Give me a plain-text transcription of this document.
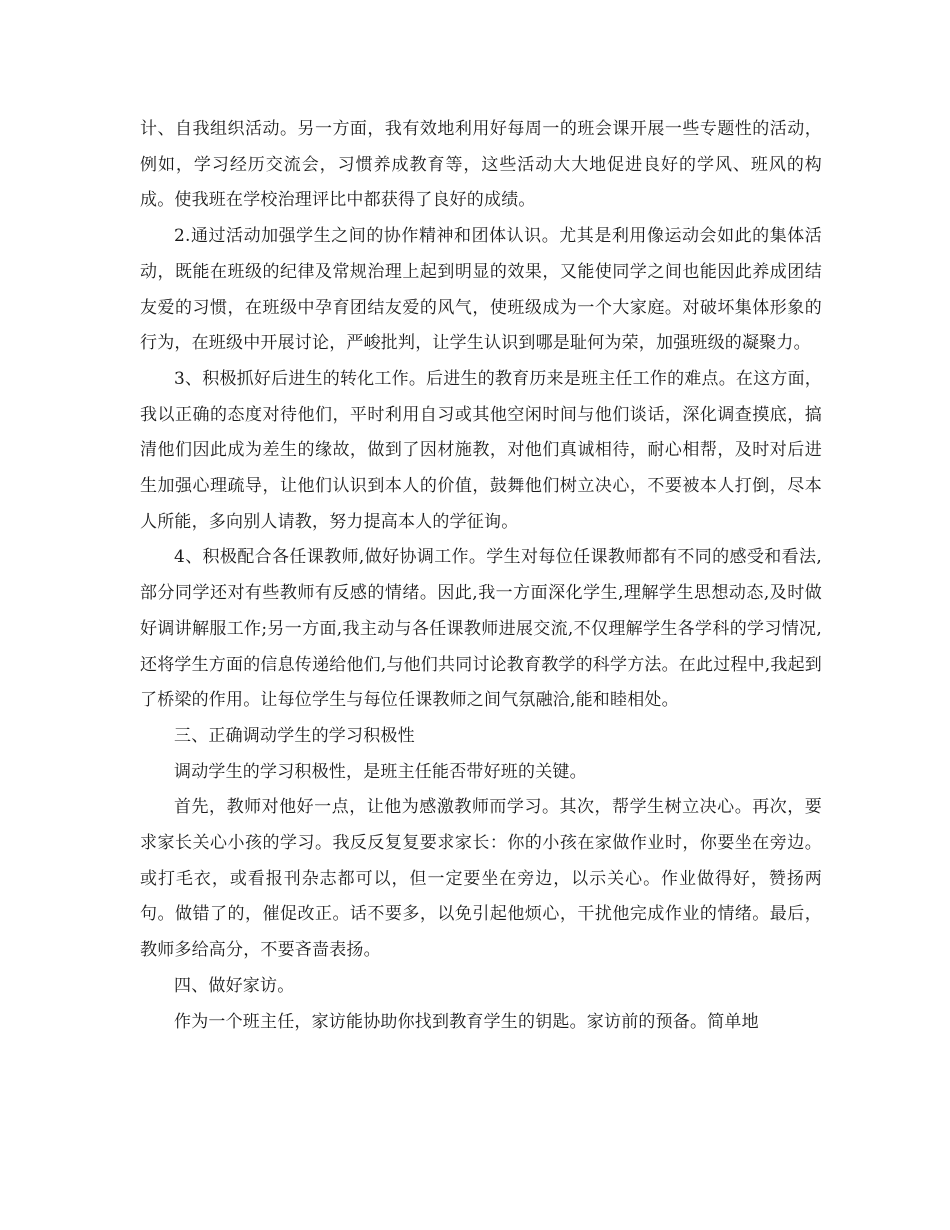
计、自我组织活动。另一方面，我有效地利用好每周一的班会课开展一些专题性的活动，例如，学习经历交流会，习惯养成教育等，这些活动大大地促进良好的学风、班风的构成。使我班在学校治理评比中都获得了良好的成绩。

2.通过活动加强学生之间的协作精神和团体认识。尤其是利用像运动会如此的集体活动，既能在班级的纪律及常规治理上起到明显的效果，又能使同学之间也能因此养成团结友爱的习惯，在班级中孕育团结友爱的风气，使班级成为一个大家庭。对破坏集体形象的行为，在班级中开展讨论，严峻批判，让学生认识到哪是耻何为荣，加强班级的凝聚力。

3、积极抓好后进生的转化工作。后进生的教育历来是班主任工作的难点。在这方面，我以正确的态度对待他们，平时利用自习或其他空闲时间与他们谈话，深化调查摸底，搞清他们因此成为差生的缘故，做到了因材施教，对他们真诚相待，耐心相帮，及时对后进生加强心理疏导，让他们认识到本人的价值，鼓舞他们树立决心，不要被本人打倒，尽本人所能，多向别人请教，努力提高本人的学征询。

4、积极配合各任课教师,做好协调工作。学生对每位任课教师都有不同的感受和看法,部分同学还对有些教师有反感的情绪。因此,我一方面深化学生,理解学生思想动态,及时做好调讲解服工作;另一方面,我主动与各任课教师进展交流,不仅理解学生各学科的学习情况,还将学生方面的信息传递给他们,与他们共同讨论教育教学的科学方法。在此过程中,我起到了桥梁的作用。让每位学生与每位任课教师之间气氛融洽,能和睦相处。

三、正确调动学生的学习积极性

调动学生的学习积极性，是班主任能否带好班的关键。

首先，教师对他好一点，让他为感激教师而学习。其次，帮学生树立决心。再次，要求家长关心小孩的学习。我反反复复要求家长：你的小孩在家做作业时，你要坐在旁边。或打毛衣，或看报刊杂志都可以，但一定要坐在旁边，以示关心。作业做得好，赞扬两句。做错了的，催促改正。话不要多，以免引起他烦心，干扰他完成作业的情绪。最后，教师多给高分，不要吝啬表扬。

四、做好家访。

作为一个班主任，家访能协助你找到教育学生的钥匙。家访前的预备。简单地
